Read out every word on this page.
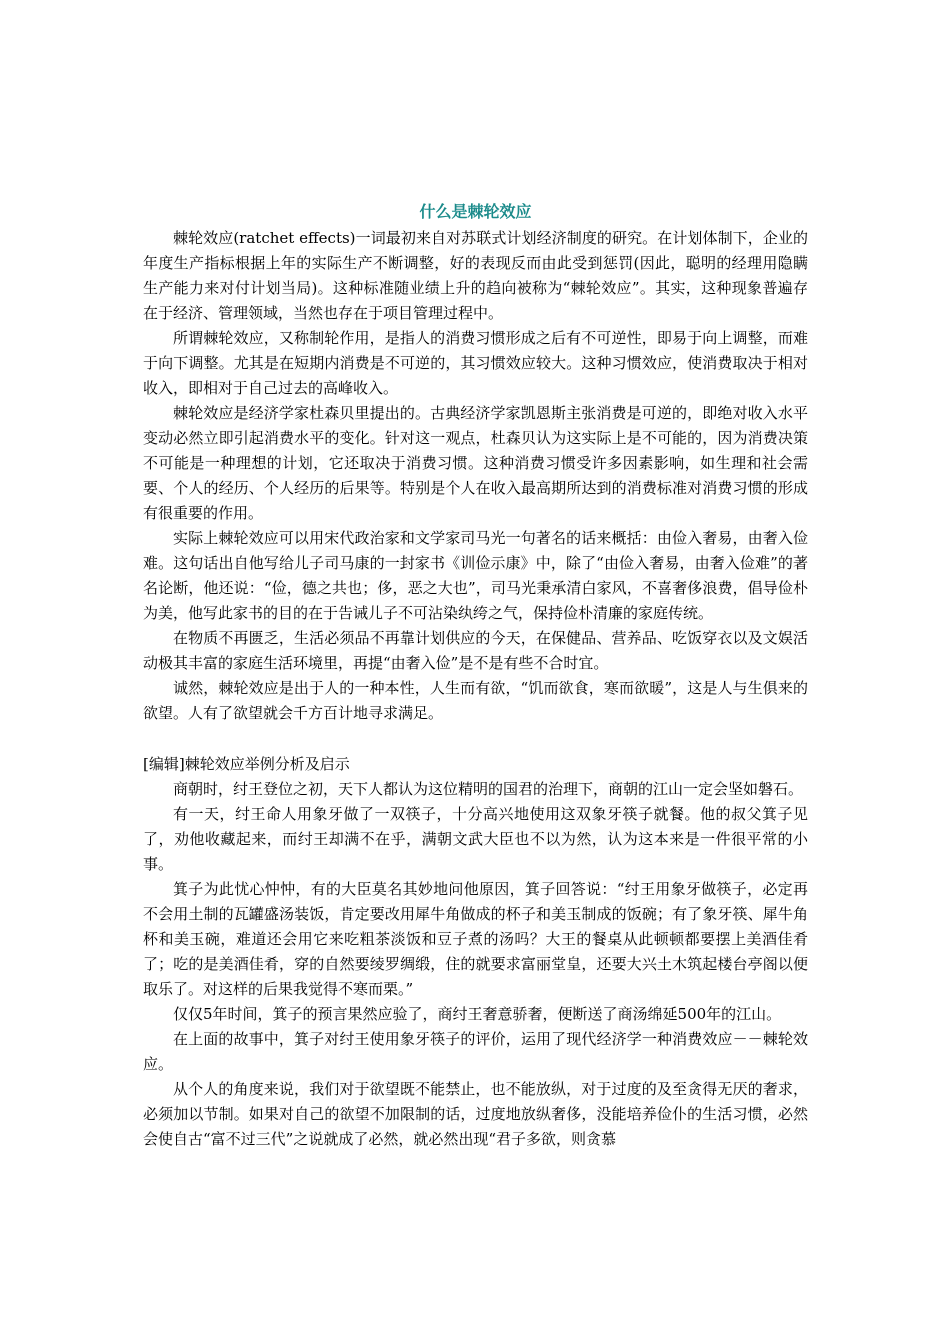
什么是棘轮效应

棘轮效应(ratchet effects)一词最初来自对苏联式计划经济制度的研究。在计划体制下，企业的年度生产指标根据上年的实际生产不断调整，好的表现反而由此受到惩罚(因此，聪明的经理用隐瞒生产能力来对付计划当局)。这种标准随业绩上升的趋向被称为“棘轮效应”。其实，这种现象普遍存在于经济、管理领域，当然也存在于项目管理过程中。

所谓棘轮效应，又称制轮作用，是指人的消费习惯形成之后有不可逆性，即易于向上调整，而难于向下调整。尤其是在短期内消费是不可逆的，其习惯效应较大。这种习惯效应，使消费取决于相对收入，即相对于自己过去的高峰收入。

棘轮效应是经济学家杜森贝里提出的。古典经济学家凯恩斯主张消费是可逆的，即绝对收入水平变动必然立即引起消费水平的变化。针对这一观点，杜森贝认为这实际上是不可能的，因为消费决策不可能是一种理想的计划，它还取决于消费习惯。这种消费习惯受许多因素影响，如生理和社会需要、个人的经历、个人经历的后果等。特别是个人在收入最高期所达到的消费标准对消费习惯的形成有很重要的作用。

实际上棘轮效应可以用宋代政治家和文学家司马光一句著名的话来概括：由俭入奢易，由奢入俭难。这句话出自他写给儿子司马康的一封家书《训俭示康》中，除了“由俭入奢易，由奢入俭难”的著名论断，他还说：“俭，德之共也；侈，恶之大也”，司马光秉承清白家风，不喜奢侈浪费，倡导俭朴为美，他写此家书的目的在于告诫儿子不可沾染纨绔之气，保持俭朴清廉的家庭传统。

在物质不再匮乏，生活必须品不再靠计划供应的今天，在保健品、营养品、吃饭穿衣以及文娱活动极其丰富的家庭生活环境里，再提“由奢入俭”是不是有些不合时宜。

诚然，棘轮效应是出于人的一种本性，人生而有欲，“饥而欲食，寒而欲暖”，这是人与生俱来的欲望。人有了欲望就会千方百计地寻求满足。

[编辑]棘轮效应举例分析及启示

商朝时，纣王登位之初，天下人都认为这位精明的国君的治理下，商朝的江山一定会坚如磐石。

有一天，纣王命人用象牙做了一双筷子，十分高兴地使用这双象牙筷子就餐。他的叔父箕子见了，劝他收藏起来，而纣王却满不在乎，满朝文武大臣也不以为然，认为这本来是一件很平常的小事。

箕子为此忧心忡忡，有的大臣莫名其妙地问他原因，箕子回答说：“纣王用象牙做筷子，必定再不会用土制的瓦罐盛汤装饭，肯定要改用犀牛角做成的杯子和美玉制成的饭碗；有了象牙筷、犀牛角杯和美玉碗，难道还会用它来吃粗茶淡饭和豆子煮的汤吗？大王的餐桌从此顿顿都要摆上美酒佳肴了；吃的是美酒佳肴，穿的自然要绫罗绸缎，住的就要求富丽堂皇，还要大兴土木筑起楼台亭阁以便取乐了。对这样的后果我觉得不寒而栗。”

仅仅5年时间，箕子的预言果然应验了，商纣王奢意骄奢，便断送了商汤绵延500年的江山。

在上面的故事中，箕子对纣王使用象牙筷子的评价，运用了现代经济学一种消费效应－－棘轮效应。

从个人的角度来说，我们对于欲望既不能禁止，也不能放纵，对于过度的及至贪得无厌的奢求，必须加以节制。如果对自己的欲望不加限制的话，过度地放纵奢侈，没能培养俭仆的生活习惯，必然会使自古“富不过三代”之说就成了必然，就必然出现“君子多欲，则贪慕
